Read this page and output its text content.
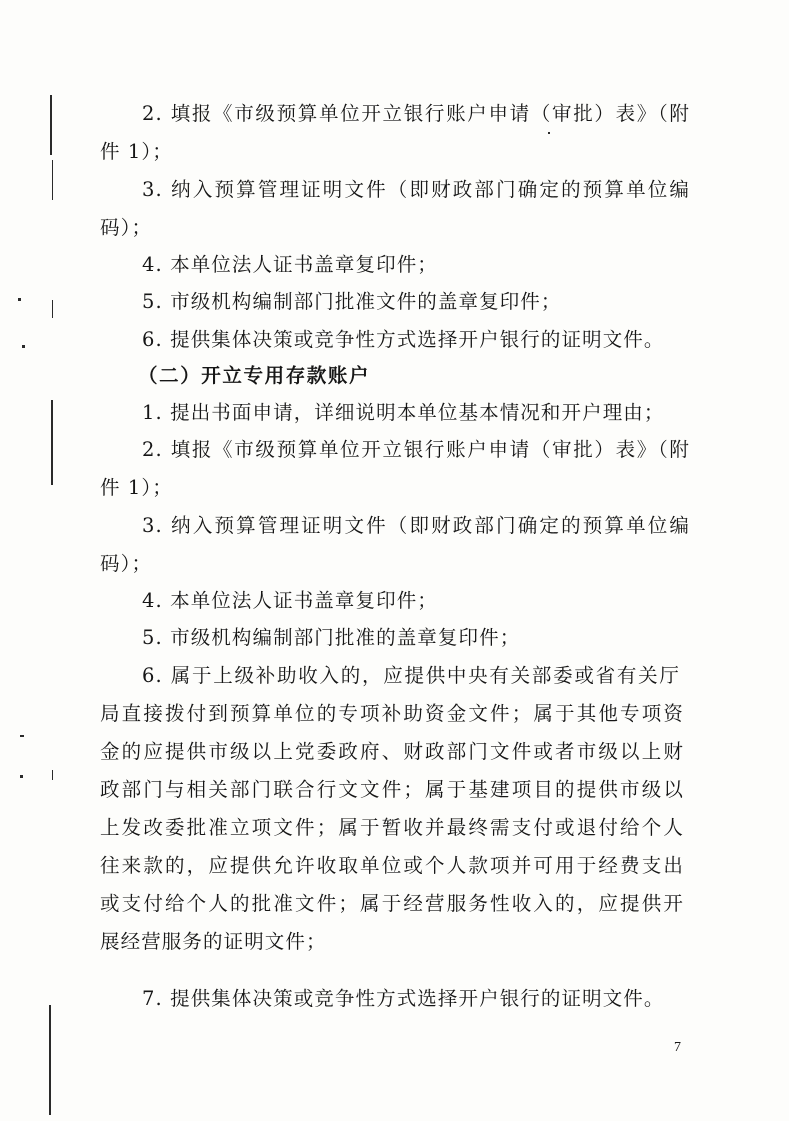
2. 填报《市级预算单位开立银行账户申请（审批）表》（附
件 1）；
3. 纳入预算管理证明文件（即财政部门确定的预算单位编
码）；
4. 本单位法人证书盖章复印件；
5. 市级机构编制部门批准文件的盖章复印件；
6. 提供集体决策或竞争性方式选择开户银行的证明文件。
（二）开立专用存款账户
1. 提出书面申请，详细说明本单位基本情况和开户理由；
2. 填报《市级预算单位开立银行账户申请（审批）表》（附
件 1）；
3. 纳入预算管理证明文件（即财政部门确定的预算单位编
码）；
4. 本单位法人证书盖章复印件；
5. 市级机构编制部门批准的盖章复印件；
6. 属于上级补助收入的，应提供中央有关部委或省有关厅
局直接拨付到预算单位的专项补助资金文件；属于其他专项资
金的应提供市级以上党委政府、财政部门文件或者市级以上财
政部门与相关部门联合行文文件；属于基建项目的提供市级以
上发改委批准立项文件；属于暂收并最终需支付或退付给个人
往来款的，应提供允许收取单位或个人款项并可用于经费支出
或支付给个人的批准文件；属于经营服务性收入的，应提供开
展经营服务的证明文件；
7. 提供集体决策或竞争性方式选择开户银行的证明文件。
7
